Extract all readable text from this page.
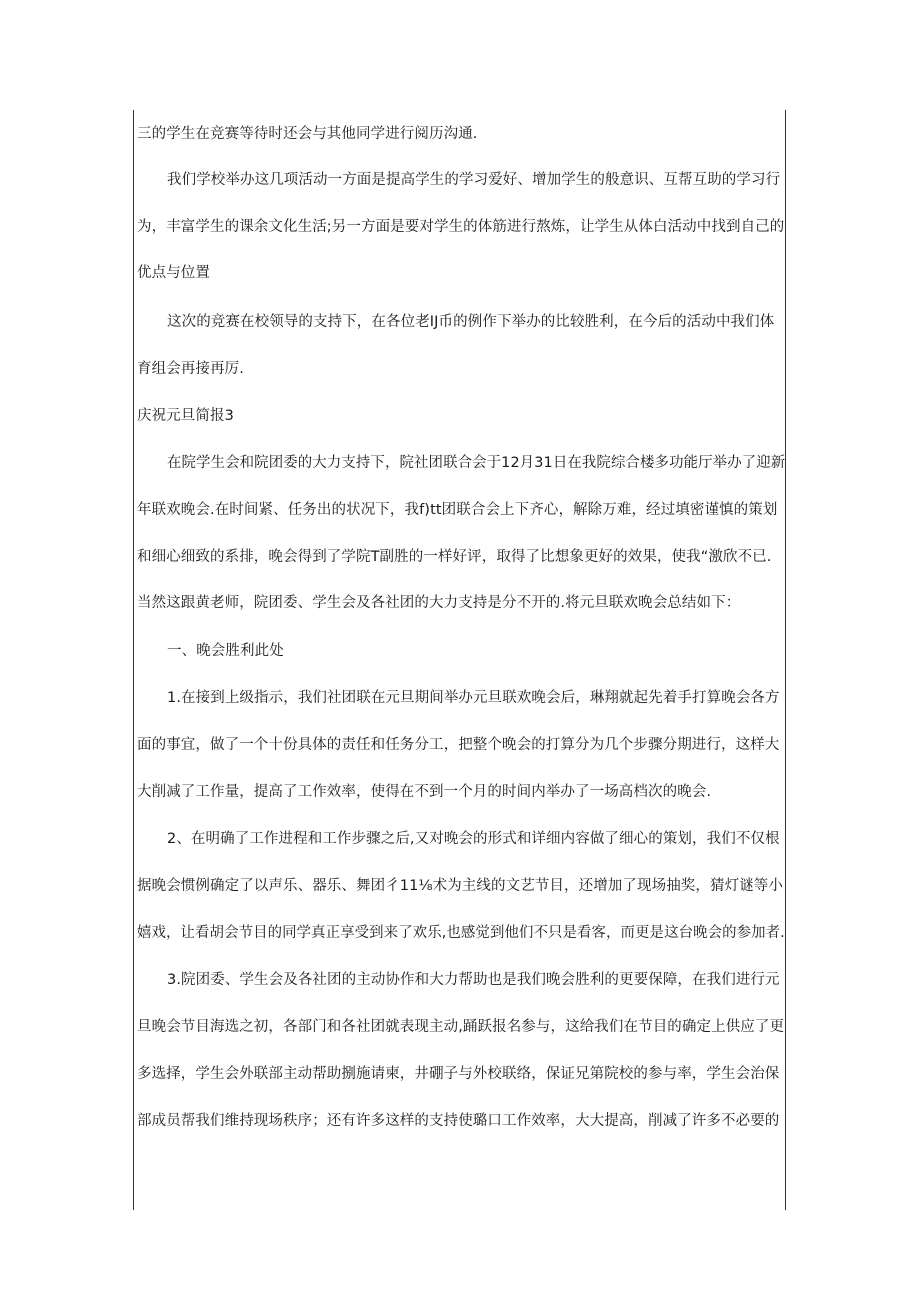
三的学生在竞赛等待时还会与其他同学进行阅历沟通.
我们学校举办这几项活动一方面是提高学生的学习爱好、增加学生的般意识、互帮互助的学习行
为，丰富学生的课余文化生活;另一方面是要对学生的体筋进行熬炼，让学生从体白活动中找到自己的
优点与位置
这次的竞赛在校领导的支持下，在各位老IJ币的例作下举办的比较胜利，在今后的活动中我们体
育组会再接再厉.
庆祝元旦简报3
在院学生会和院团委的大力支持下，院社团联合会于12月31日在我院综合楼多功能厅举办了迎新
年联欢晚会.在时间紧、任务出的状况下，我f)tt团联合会上下齐心，解除万难，经过填密谨慎的策划
和细心细致的系排，晚会得到了学院T副胜的一样好评，取得了比想象更好的效果，使我“激欣不已.
当然这跟黄老师，院团委、学生会及各社团的大力支持是分不开的.将元旦联欢晚会总结如下：
一、晚会胜利此处
1.在接到上级指示，我们社团联在元旦期间举办元旦联欢晚会后，琳翔就起先着手打算晚会各方
面的事宜，做了一个十份具体的责任和任务分工，把整个晚会的打算分为几个步骤分期进行，这样大
大削减了工作量，提高了工作效率，使得在不到一个月的时间内举办了一场高档次的晚会.
2、在明确了工作进程和工作步骤之后,又对晚会的形式和详细内容做了细心的策划，我们不仅根
据晚会惯例确定了以声乐、器乐、舞团彳11⅛术为主线的文艺节目，还增加了现场抽奖，猜灯谜等小
嬉戏，让看胡会节目的同学真正享受到来了欢乐,也感觉到他们不只是看客，而更是这台晚会的参加者.
3.院团委、学生会及各社团的主动协作和大力帮助也是我们晚会胜利的更要保障，在我们进行元
旦晚会节目海选之初，各部门和各社团就表现主动,踊跃报名参与，这给我们在节目的确定上供应了更
多选择，学生会外联部主动帮助捌施请柬，井硼子与外校联络，保证兄第院校的参与率，学生会治保
部成员帮我们维持现场秩序；还有许多这样的支持使璐口工作效率，大大提高，削减了许多不必要的
